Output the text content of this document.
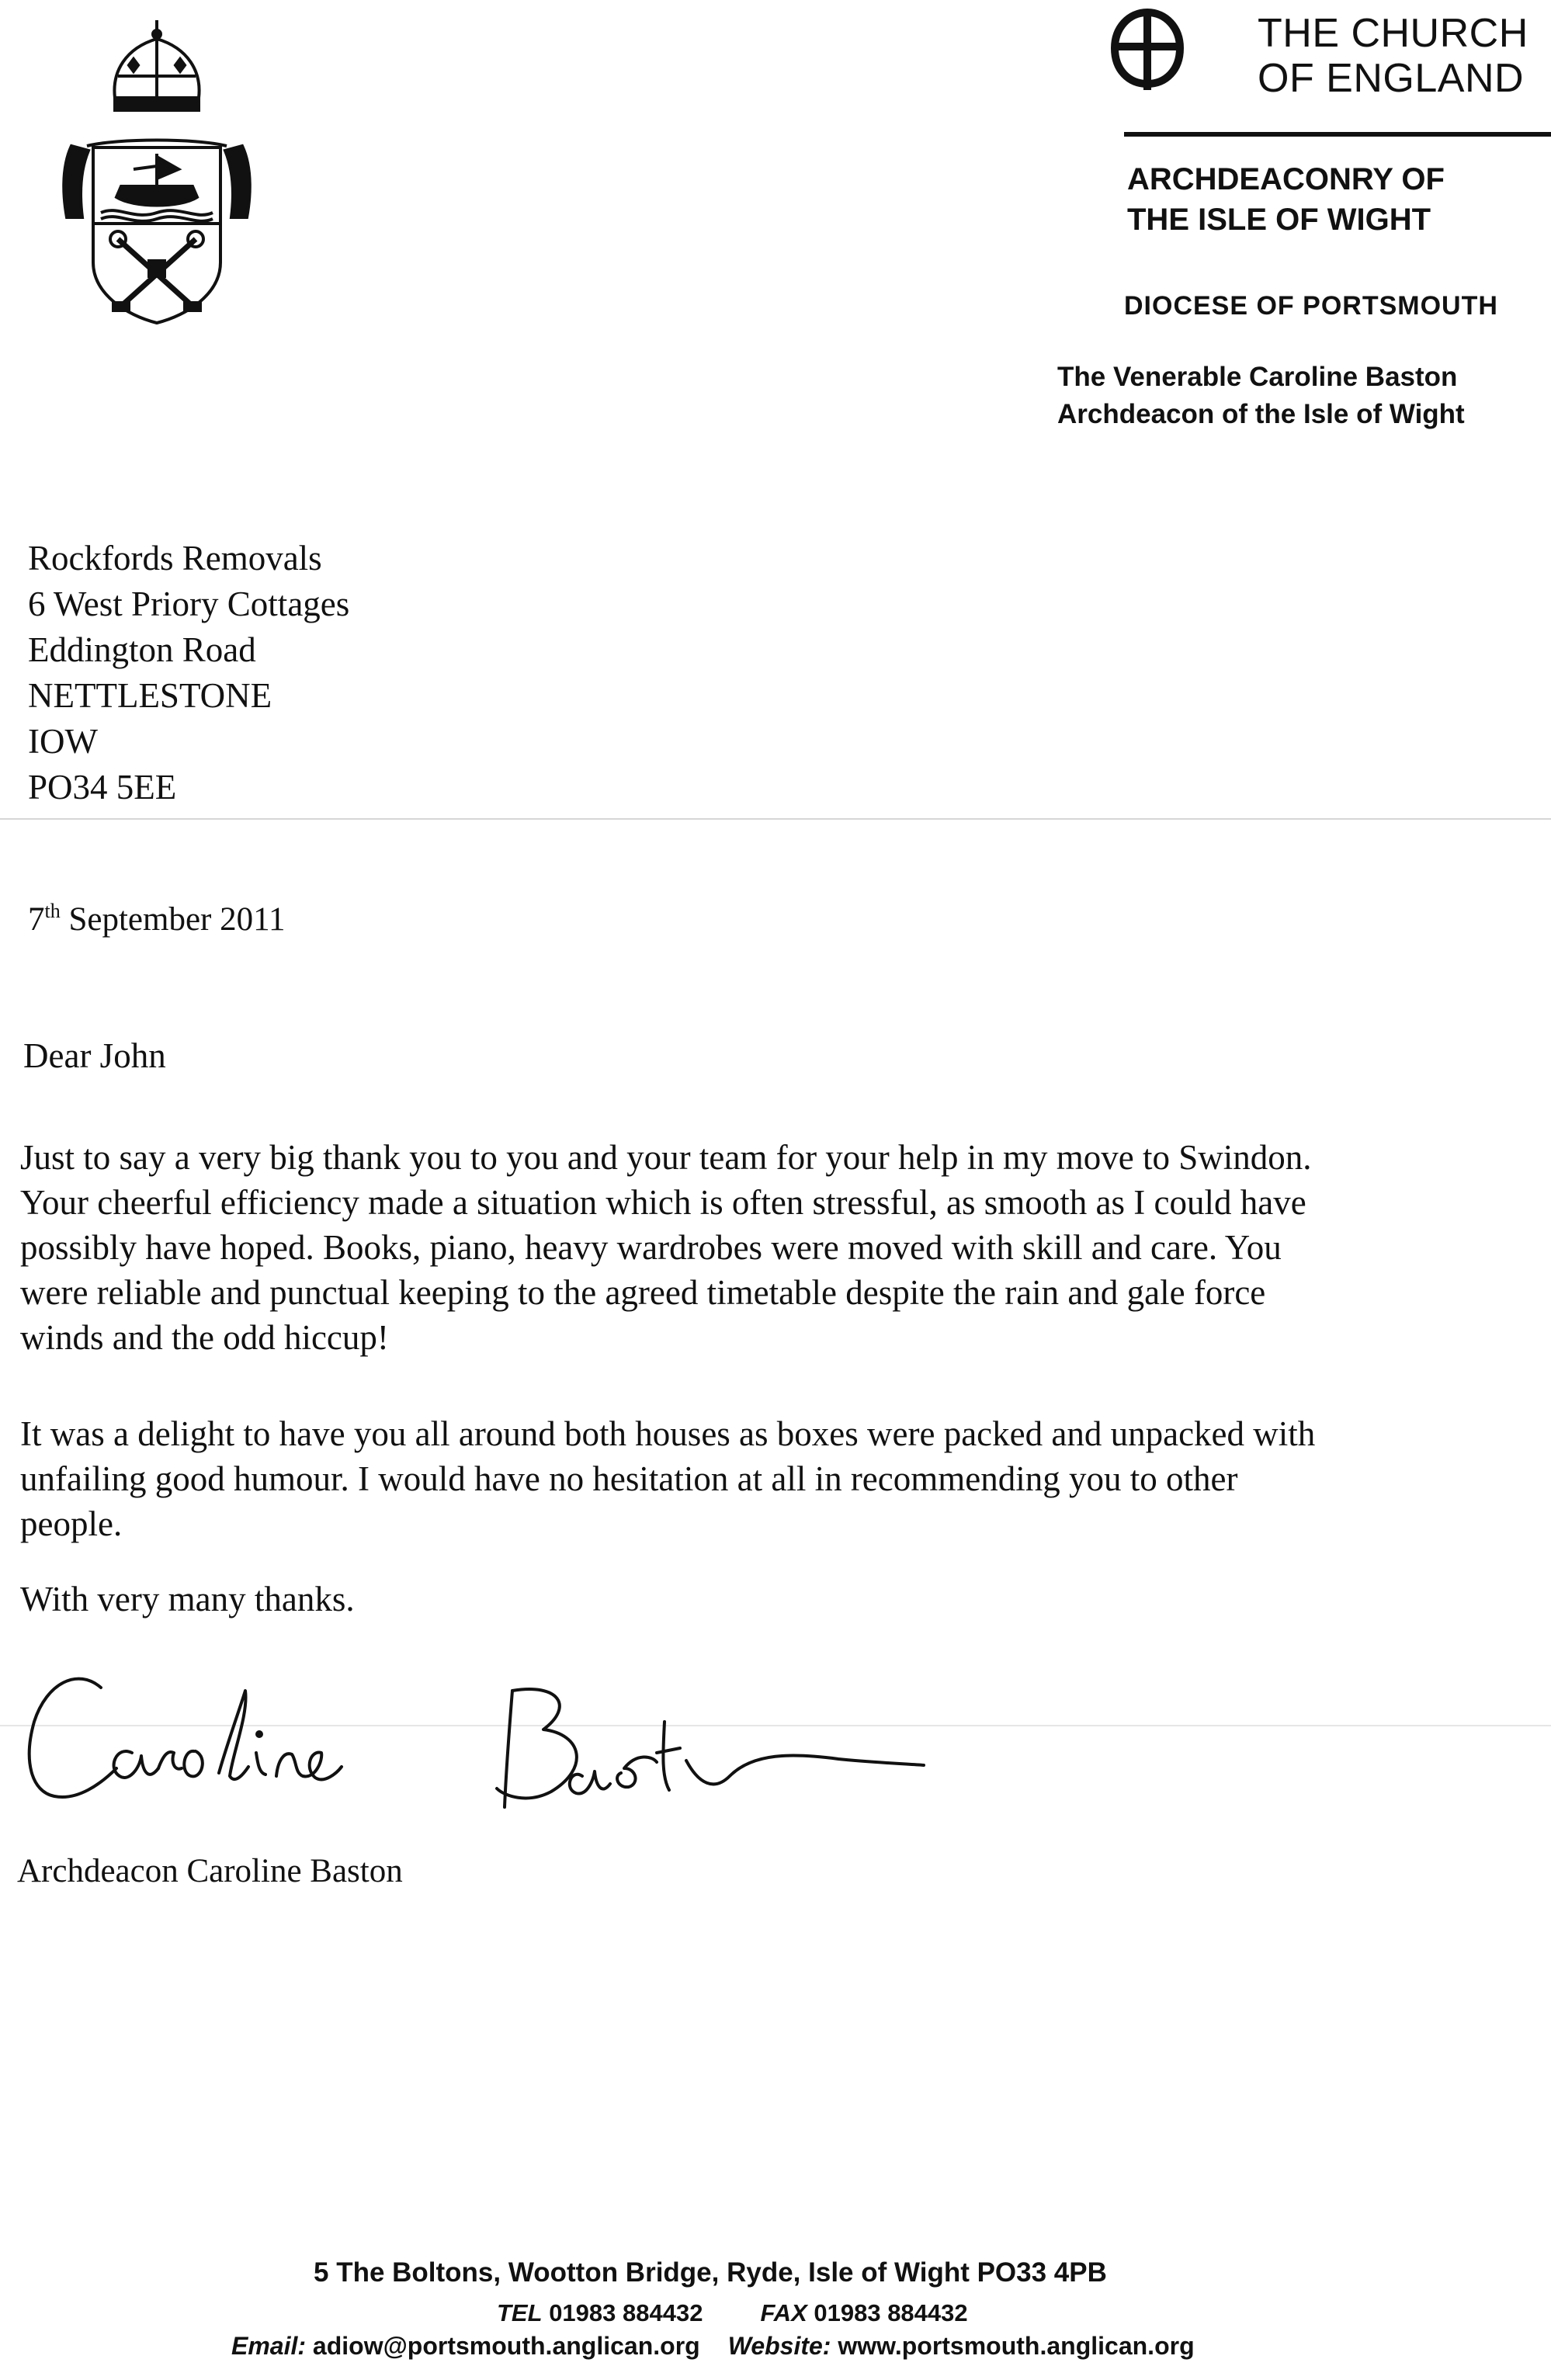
THE CHURCH
OF ENGLAND
ARCHDEACONRY OF
THE ISLE OF WIGHT
DIOCESE OF PORTSMOUTH
The Venerable Caroline Baston
Archdeacon of the Isle of Wight
Rockfords Removals
6 West Priory Cottages
Eddington Road
NETTLESTONE
IOW
PO34 5EE
7th September 2011
Dear John
Just to say a very big thank you to you and your team for your help in my move to Swindon.
Your cheerful efficiency made a situation which is often stressful, as smooth as I could have
possibly have hoped. Books, piano, heavy wardrobes were moved with skill and care. You
were reliable and punctual keeping to the agreed timetable despite the rain and gale force
winds and the odd hiccup!
It was a delight to have you all around both houses as boxes were packed and unpacked with
unfailing good humour. I would have no hesitation at all in recommending you to other
people.
With very many thanks.
Archdeacon Caroline Baston
5 The Boltons, Wootton Bridge, Ryde, Isle of Wight PO33 4PB
TEL 01983 884432 FAX 01983 884432
Email: adiow@portsmouth.anglican.org Website: www.portsmouth.anglican.org
